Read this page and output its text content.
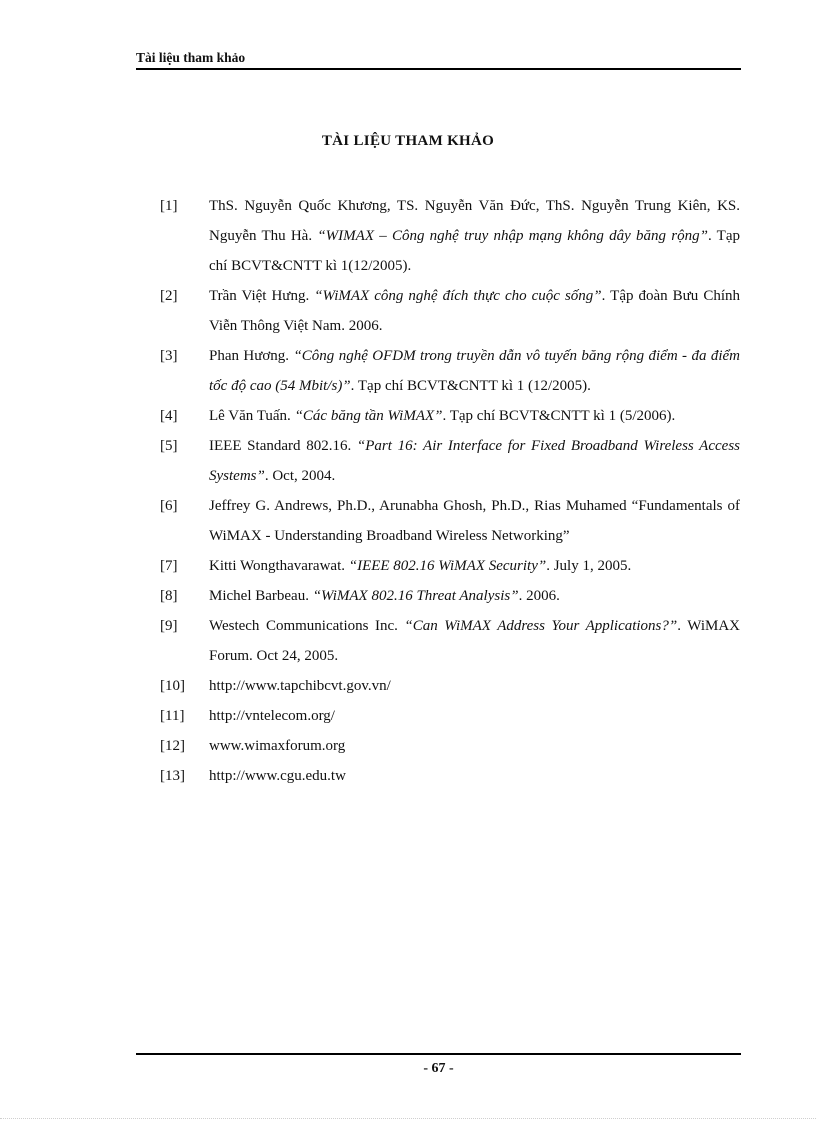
Tài liệu tham khảo
TÀI LIỆU THAM KHẢO
[1]	ThS. Nguyễn Quốc Khương, TS. Nguyễn Văn Đức, ThS. Nguyễn Trung Kiên, KS. Nguyễn Thu Hà. “WIMAX – Công nghệ truy nhập mạng không dây băng rộng”. Tạp chí BCVT&CNTT kì 1(12/2005).
[2]	Trần Việt Hưng. “WiMAX công nghệ đích thực cho cuộc sống”. Tập đoàn Bưu Chính Viễn Thông Việt Nam. 2006.
[3]	Phan Hương. “Công nghệ OFDM trong truyền dẫn vô tuyến băng rộng điểm - đa điểm tốc độ cao (54 Mbit/s)”. Tạp chí BCVT&CNTT kì 1 (12/2005).
[4]	Lê Văn Tuấn. “Các băng tần WiMAX”. Tạp chí BCVT&CNTT kì 1 (5/2006).
[5]	IEEE Standard 802.16. “Part 16: Air Interface for Fixed Broadband Wireless Access Systems”. Oct, 2004.
[6]	Jeffrey G. Andrews, Ph.D., Arunabha Ghosh, Ph.D., Rias Muhamed “Fundamentals of WiMAX - Understanding Broadband Wireless Networking”
[7]	Kitti Wongthavarawat. “IEEE 802.16 WiMAX Security”. July 1, 2005.
[8]	Michel Barbeau. “WiMAX 802.16 Threat Analysis”. 2006.
[9]	Westech Communications Inc. “Can WiMAX Address Your Applications?”. WiMAX Forum. Oct 24, 2005.
[10]	http://www.tapchibcvt.gov.vn/
[11]	http://vntelecom.org/
[12]	www.wimaxforum.org
[13]	http://www.cgu.edu.tw
- 67 -
